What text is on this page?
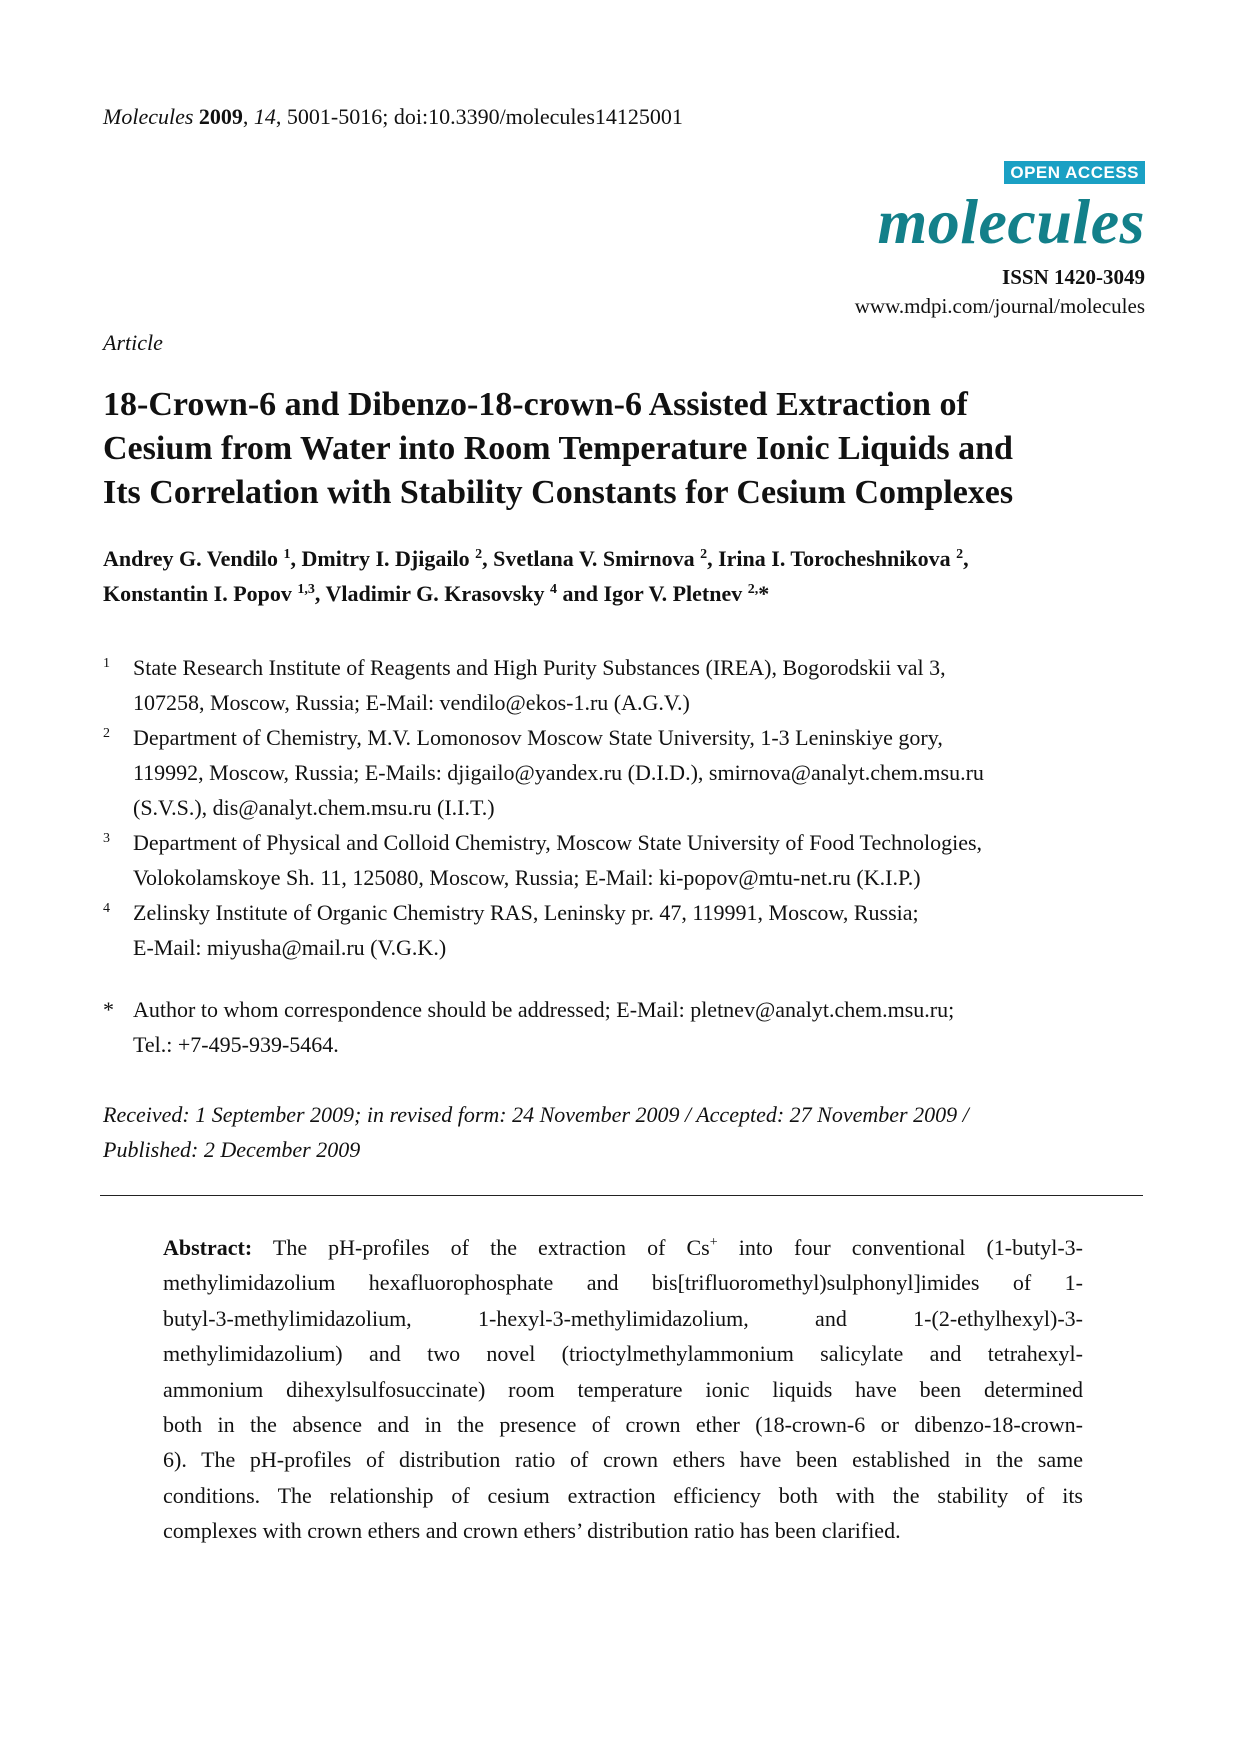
Molecules 2009, 14, 5001-5016; doi:10.3390/molecules14125001
OPEN ACCESS
molecules
ISSN 1420-3049
www.mdpi.com/journal/molecules
Article
18-Crown-6 and Dibenzo-18-crown-6 Assisted Extraction of
Cesium from Water into Room Temperature Ionic Liquids and
Its Correlation with Stability Constants for Cesium Complexes
Andrey G. Vendilo $^1$, Dmitry I. Djigailo $^2$, Svetlana V. Smirnova $^2$, Irina I. Torocheshnikova $^2$,
Konstantin I. Popov $^{1,3}$, Vladimir G. Krasovsky $^4$ and Igor V. Pletnev $^{2,}$*
1 State Research Institute of Reagents and High Purity Substances (IREA), Bogorodskii val 3,
107258, Moscow, Russia; E-Mail: vendilo@ekos-1.ru (A.G.V.)
2 Department of Chemistry, M.V. Lomonosov Moscow State University, 1-3 Leninskiye gory,
119992, Moscow, Russia; E-Mails: djigailo@yandex.ru (D.I.D.), smirnova@analyt.chem.msu.ru
(S.V.S.), dis@analyt.chem.msu.ru (I.I.T.)
3 Department of Physical and Colloid Chemistry, Moscow State University of Food Technologies,
Volokolamskoye Sh. 11, 125080, Moscow, Russia; E-Mail: ki-popov@mtu-net.ru (K.I.P.)
4 Zelinsky Institute of Organic Chemistry RAS, Leninsky pr. 47, 119991, Moscow, Russia;
E-Mail: miyusha@mail.ru (V.G.K.)
* Author to whom correspondence should be addressed; E-Mail: pletnev@analyt.chem.msu.ru;
Tel.: +7-495-939-5464.
Received: 1 September 2009; in revised form: 24 November 2009 / Accepted: 27 November 2009 /
Published: 2 December 2009
Abstract: The pH-profiles of the extraction of Cs+ into four conventional (1-butyl-3-
methylimidazolium hexafluorophosphate and bis[trifluoromethyl)sulphonyl]imides of 1-
butyl-3-methylimidazolium, 1-hexyl-3-methylimidazolium, and 1-(2-ethylhexyl)-3-
methylimidazolium) and two novel (trioctylmethylammonium salicylate and tetrahexyl-
ammonium dihexylsulfosuccinate) room temperature ionic liquids have been determined
both in the absence and in the presence of crown ether (18-crown-6 or dibenzo-18-crown-
6). The pH-profiles of distribution ratio of crown ethers have been established in the same
conditions. The relationship of cesium extraction efficiency both with the stability of its
complexes with crown ethers and crown ethers’ distribution ratio has been clarified.
